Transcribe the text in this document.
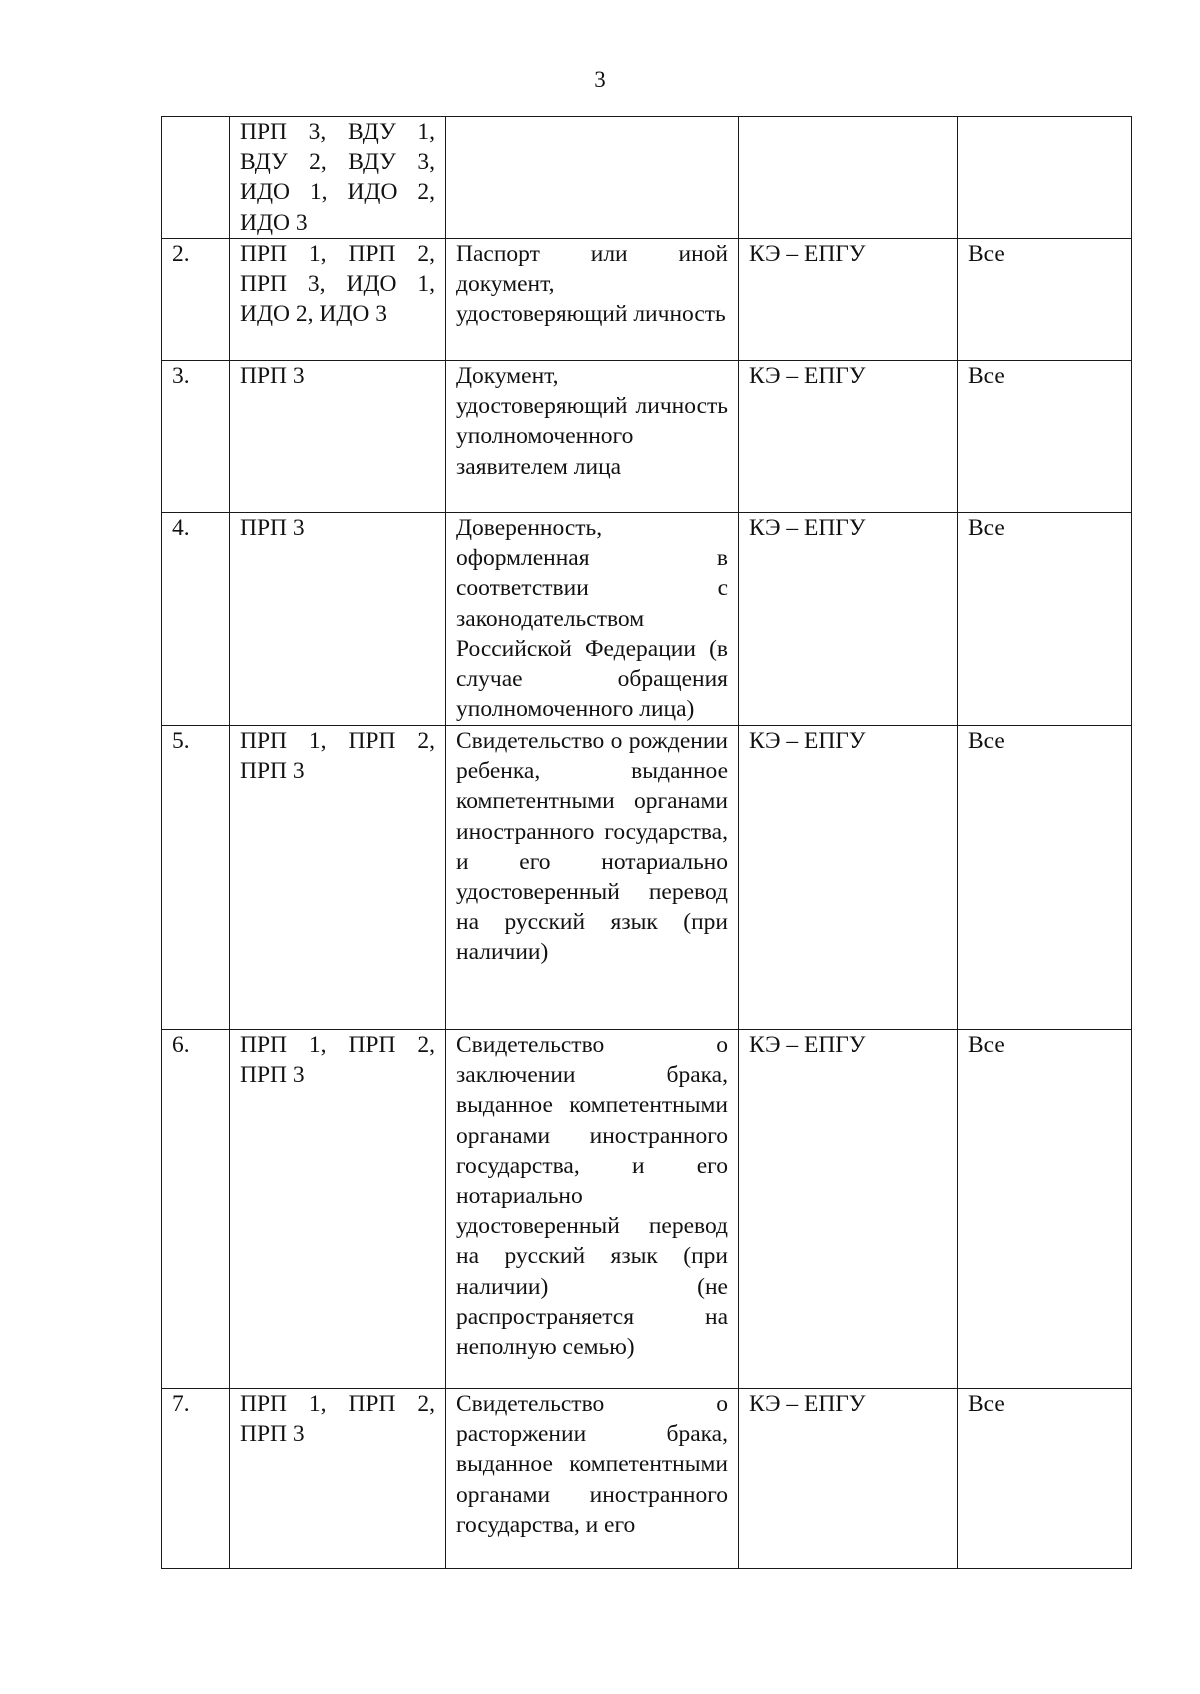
3
	ПРП 3, ВДУ 1, ВДУ 2, ВДУ 3, ИДО 1, ИДО 2, ИДО 3			
2.	ПРП 1, ПРП 2, ПРП 3, ИДО 1, ИДО 2, ИДО 3	Паспорт или иной документ, удостоверяющий личность	КЭ – ЕПГУ	Все
3.	ПРП 3	Документ, удостоверяющий личность уполномоченного заявителем лица	КЭ – ЕПГУ	Все
4.	ПРП 3	Доверенность, оформленная в соответствии с законодательством Российской Федерации (в случае обращения уполномоченного лица)	КЭ – ЕПГУ	Все
5.	ПРП 1, ПРП 2, ПРП 3	Свидетельство о рождении ребенка, выданное компетентными органами иностранного государства, и его нотариально удостоверенный перевод на русский язык (при наличии)	КЭ – ЕПГУ	Все
6.	ПРП 1, ПРП 2, ПРП 3	Свидетельство о заключении брака, выданное компетентными органами иностранного государства, и его нотариально удостоверенный перевод на русский язык (при наличии) (не распространяется на неполную семью)	КЭ – ЕПГУ	Все
7.	ПРП 1, ПРП 2, ПРП 3	Свидетельство о расторжении брака, выданное компетентными органами иностранного государства, и его	КЭ – ЕПГУ	Все
